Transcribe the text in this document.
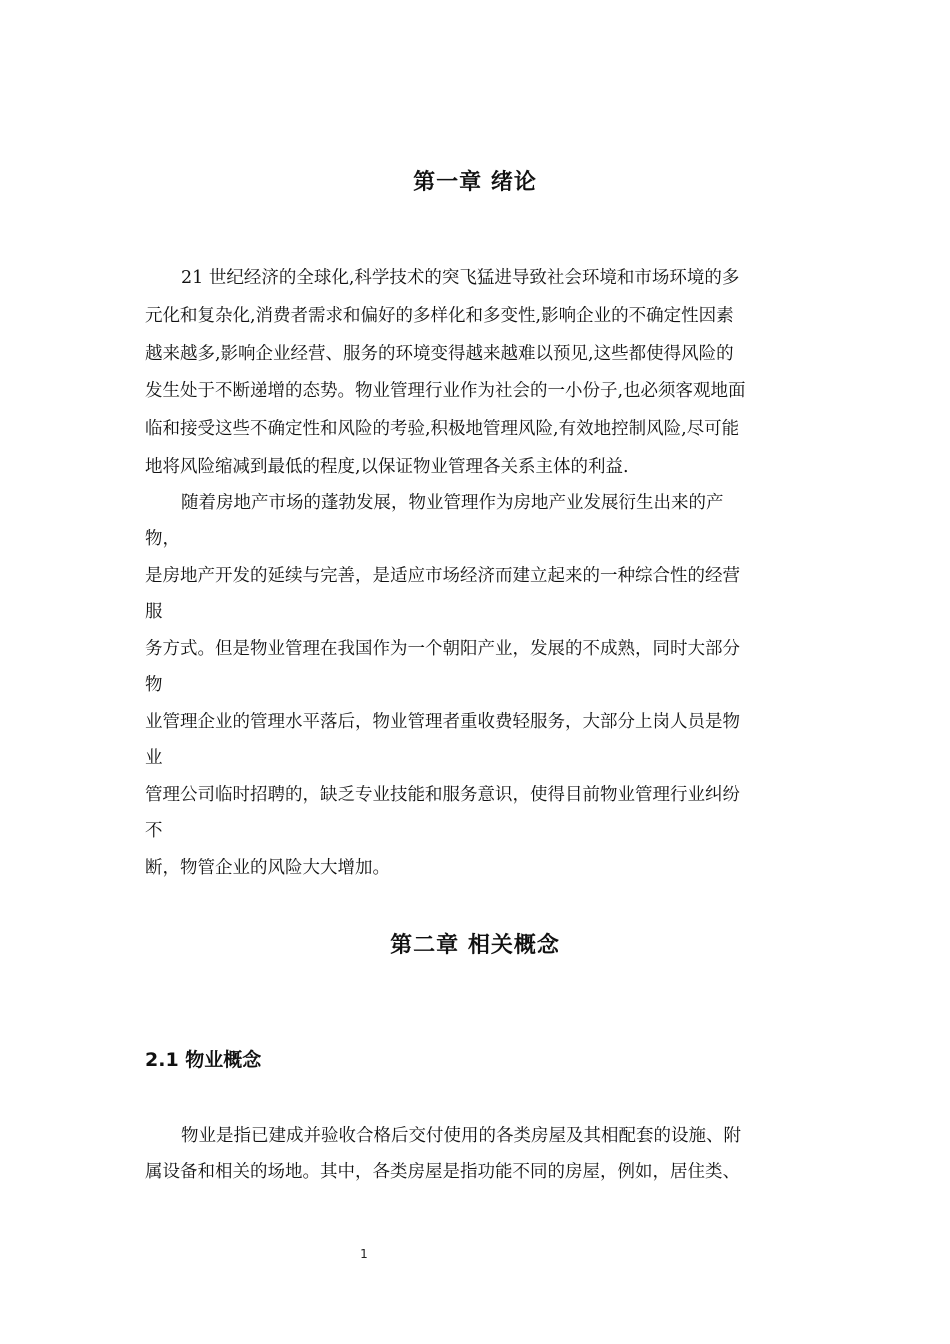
第一章 绪论

21 世纪经济的全球化,科学技术的突飞猛进导致社会环境和市场环境的多

元化和复杂化,消费者需求和偏好的多样化和多变性,影响企业的不确定性因素

越来越多,影响企业经营、服务的环境变得越来越难以预见,这些都使得风险的

发生处于不断递增的态势。物业管理行业作为社会的一小份子,也必须客观地面

临和接受这些不确定性和风险的考验,积极地管理风险,有效地控制风险,尽可能

地将风险缩减到最低的程度,以保证物业管理各关系主体的利益.

随着房地产市场的蓬勃发展，物业管理作为房地产业发展衍生出来的产

物，

是房地产开发的延续与完善，是适应市场经济而建立起来的一种综合性的经营

服

务方式。但是物业管理在我国作为一个朝阳产业，发展的不成熟，同时大部分

物

业管理企业的管理水平落后，物业管理者重收费轻服务，大部分上岗人员是物

业

管理公司临时招聘的，缺乏专业技能和服务意识，使得目前物业管理行业纠纷

不

断，物管企业的风险大大增加。

第二章 相关概念
2.1 物业概念

物业是指已建成并验收合格后交付使用的各类房屋及其相配套的设施、附

属设备和相关的场地。其中，各类房屋是指功能不同的房屋，例如，居住类、

1
